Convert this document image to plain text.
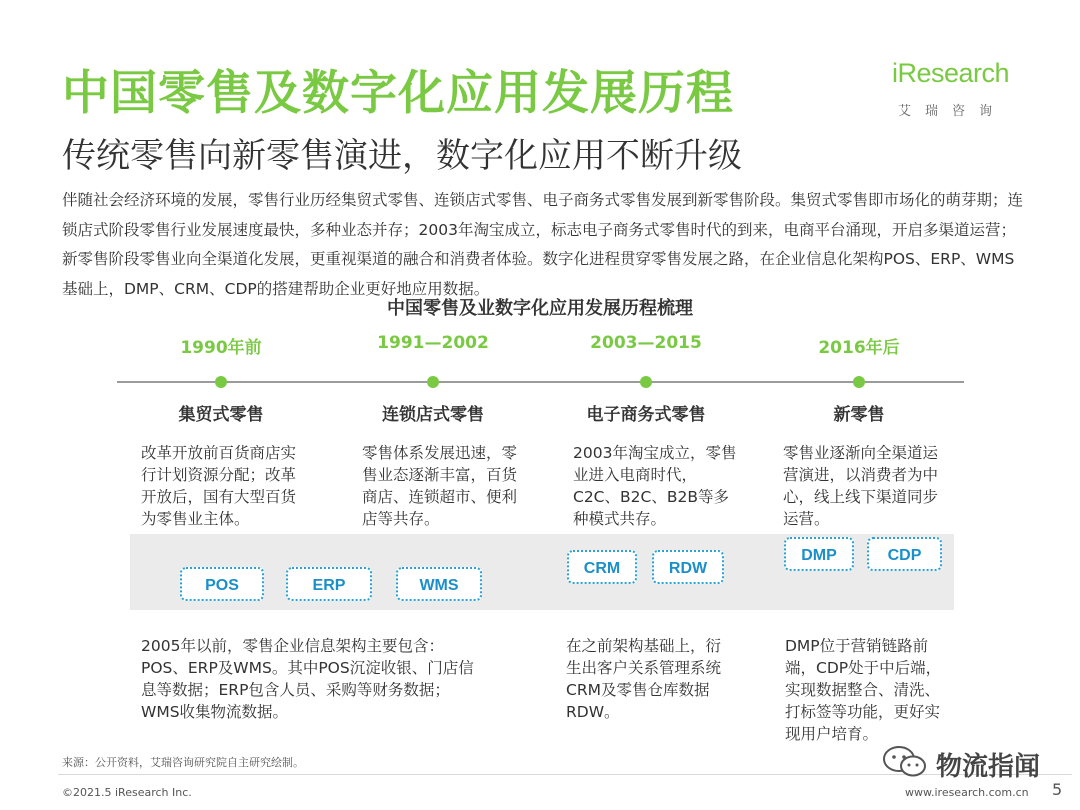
中国零售及数字化应用发展历程
传统零售向新零售演进，数字化应用不断升级
iResearch
艾瑞咨询
伴随社会经济环境的发展，零售行业历经集贸式零售、连锁店式零售、电子商务式零售发展到新零售阶段。集贸式零售即市场化的萌芽期；连锁店式阶段零售行业发展速度最快，多种业态并存；2003年淘宝成立，标志电子商务式零售时代的到来，电商平台涌现，开启多渠道运营；新零售阶段零售业向全渠道化发展，更重视渠道的融合和消费者体验。数字化进程贯穿零售发展之路，在企业信息化架构POS、ERP、WMS基础上，DMP、CRM、CDP的搭建帮助企业更好地应用数据。
中国零售及业数字化应用发展历程梳理
1990年前	1991—2002	2003—2015	2016年后
集贸式零售	连锁店式零售	电子商务式零售	新零售
改革开放前百货商店实行计划资源分配；改革开放后，国有大型百货为零售业主体。
零售体系发展迅速，零售业态逐渐丰富，百货商店、连锁超市、便利店等共存。
2003年淘宝成立，零售业进入电商时代，C2C、B2C、B2B等多种模式共存。
零售业逐渐向全渠道运营演进，以消费者为中心，线上线下渠道同步运营。
POS	ERP	WMS
CRM	RDW
DMP	CDP
2005年以前，零售企业信息架构主要包含：POS、ERP及WMS。其中POS沉淀收银、门店信息等数据；ERP包含人员、采购等财务数据；WMS收集物流数据。
在之前架构基础上，衍生出客户关系管理系统CRM及零售仓库数据RDW。
DMP位于营销链路前端，CDP处于中后端，实现数据整合、清洗、打标签等功能，更好实现用户培育。
来源：公开资料，艾瑞咨询研究院自主研究绘制。
©2021.5 iResearch Inc.	www.iresearch.com.cn 5
物流指闻
